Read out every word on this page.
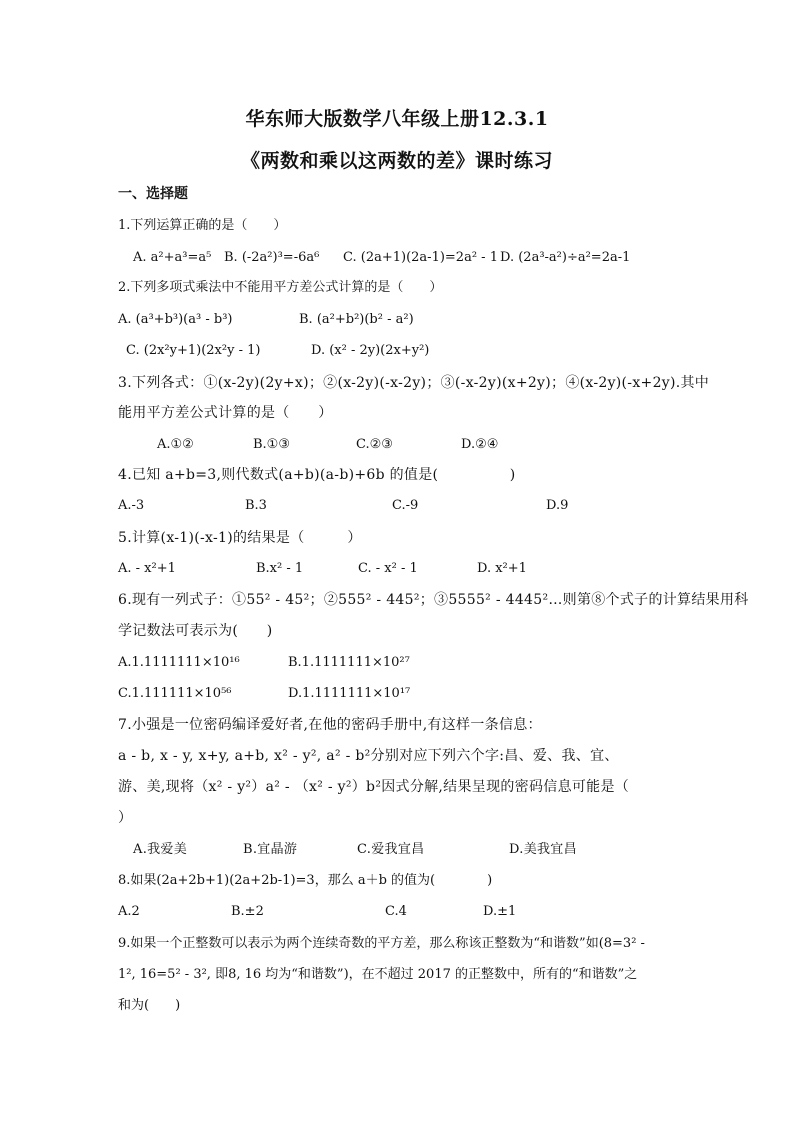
华东师大版数学八年级上册12.3.1
《两数和乘以这两数的差》课时练习
一、选择题
1.下列运算正确的是（　　）
A. a²+a³=a⁵ B. (-2a²)³=-6a⁶ C. (2a+1)(2a-1)=2a² - 1 D. (2a³-a²)÷a²=2a-1
2.下列多项式乘法中不能用平方差公式计算的是（　　）
A. (a³+b³)(a³ - b³)	B. (a²+b²)(b² - a²)
C. (2x²y+1)(2x²y - 1)	D. (x² - 2y)(2x+y²)
3.下列各式：①(x-2y)(2y+x)；②(x-2y)(-x-2y)；③(-x-2y)(x+2y)；④(x-2y)(-x+2y).其中
能用平方差公式计算的是（　　）
A.①②	B.①③	C.②③	D.②④
4.已知 a+b=3,则代数式(a+b)(a-b)+6b 的值是(　　　　　)
A.-3	B.3	C.-9	D.9
5.计算(x-1)(-x-1)的结果是（　　　）
A. - x²+1	B.x² - 1	C. - x² - 1	D. x²+1
6.现有一列式子：①55² - 45²；②555² - 445²；③5555² - 4445²…则第⑧个式子的计算结果用科
学记数法可表示为(　　)
A.1.1111111×10¹⁶	B.1.1111111×10²⁷
C.1.111111×10⁵⁶	D.1.1111111×10¹⁷
7.小强是一位密码编译爱好者,在他的密码手册中,有这样一条信息：
a - b, x - y, x+y, a+b, x² - y², a² - b²分别对应下列六个字:昌、爱、我、宜、
游、美,现将（x² - y²）a² - （x² - y²）b²因式分解,结果呈现的密码信息可能是（
）
A.我爱美	B.宜晶游	C.爱我宜昌	D.美我宜昌
8.如果(2a+2b+1)(2a+2b-1)=3，那么 a＋b 的值为(　　　　)
A.2	B.±2	C.4	D.±1
9.如果一个正整数可以表示为两个连续奇数的平方差，那么称该正整数为“和谐数”如(8=3² -
1², 16=5² - 3², 即8, 16 均为“和谐数”)，在不超过 2017 的正整数中，所有的“和谐数”之
和为(　　)
